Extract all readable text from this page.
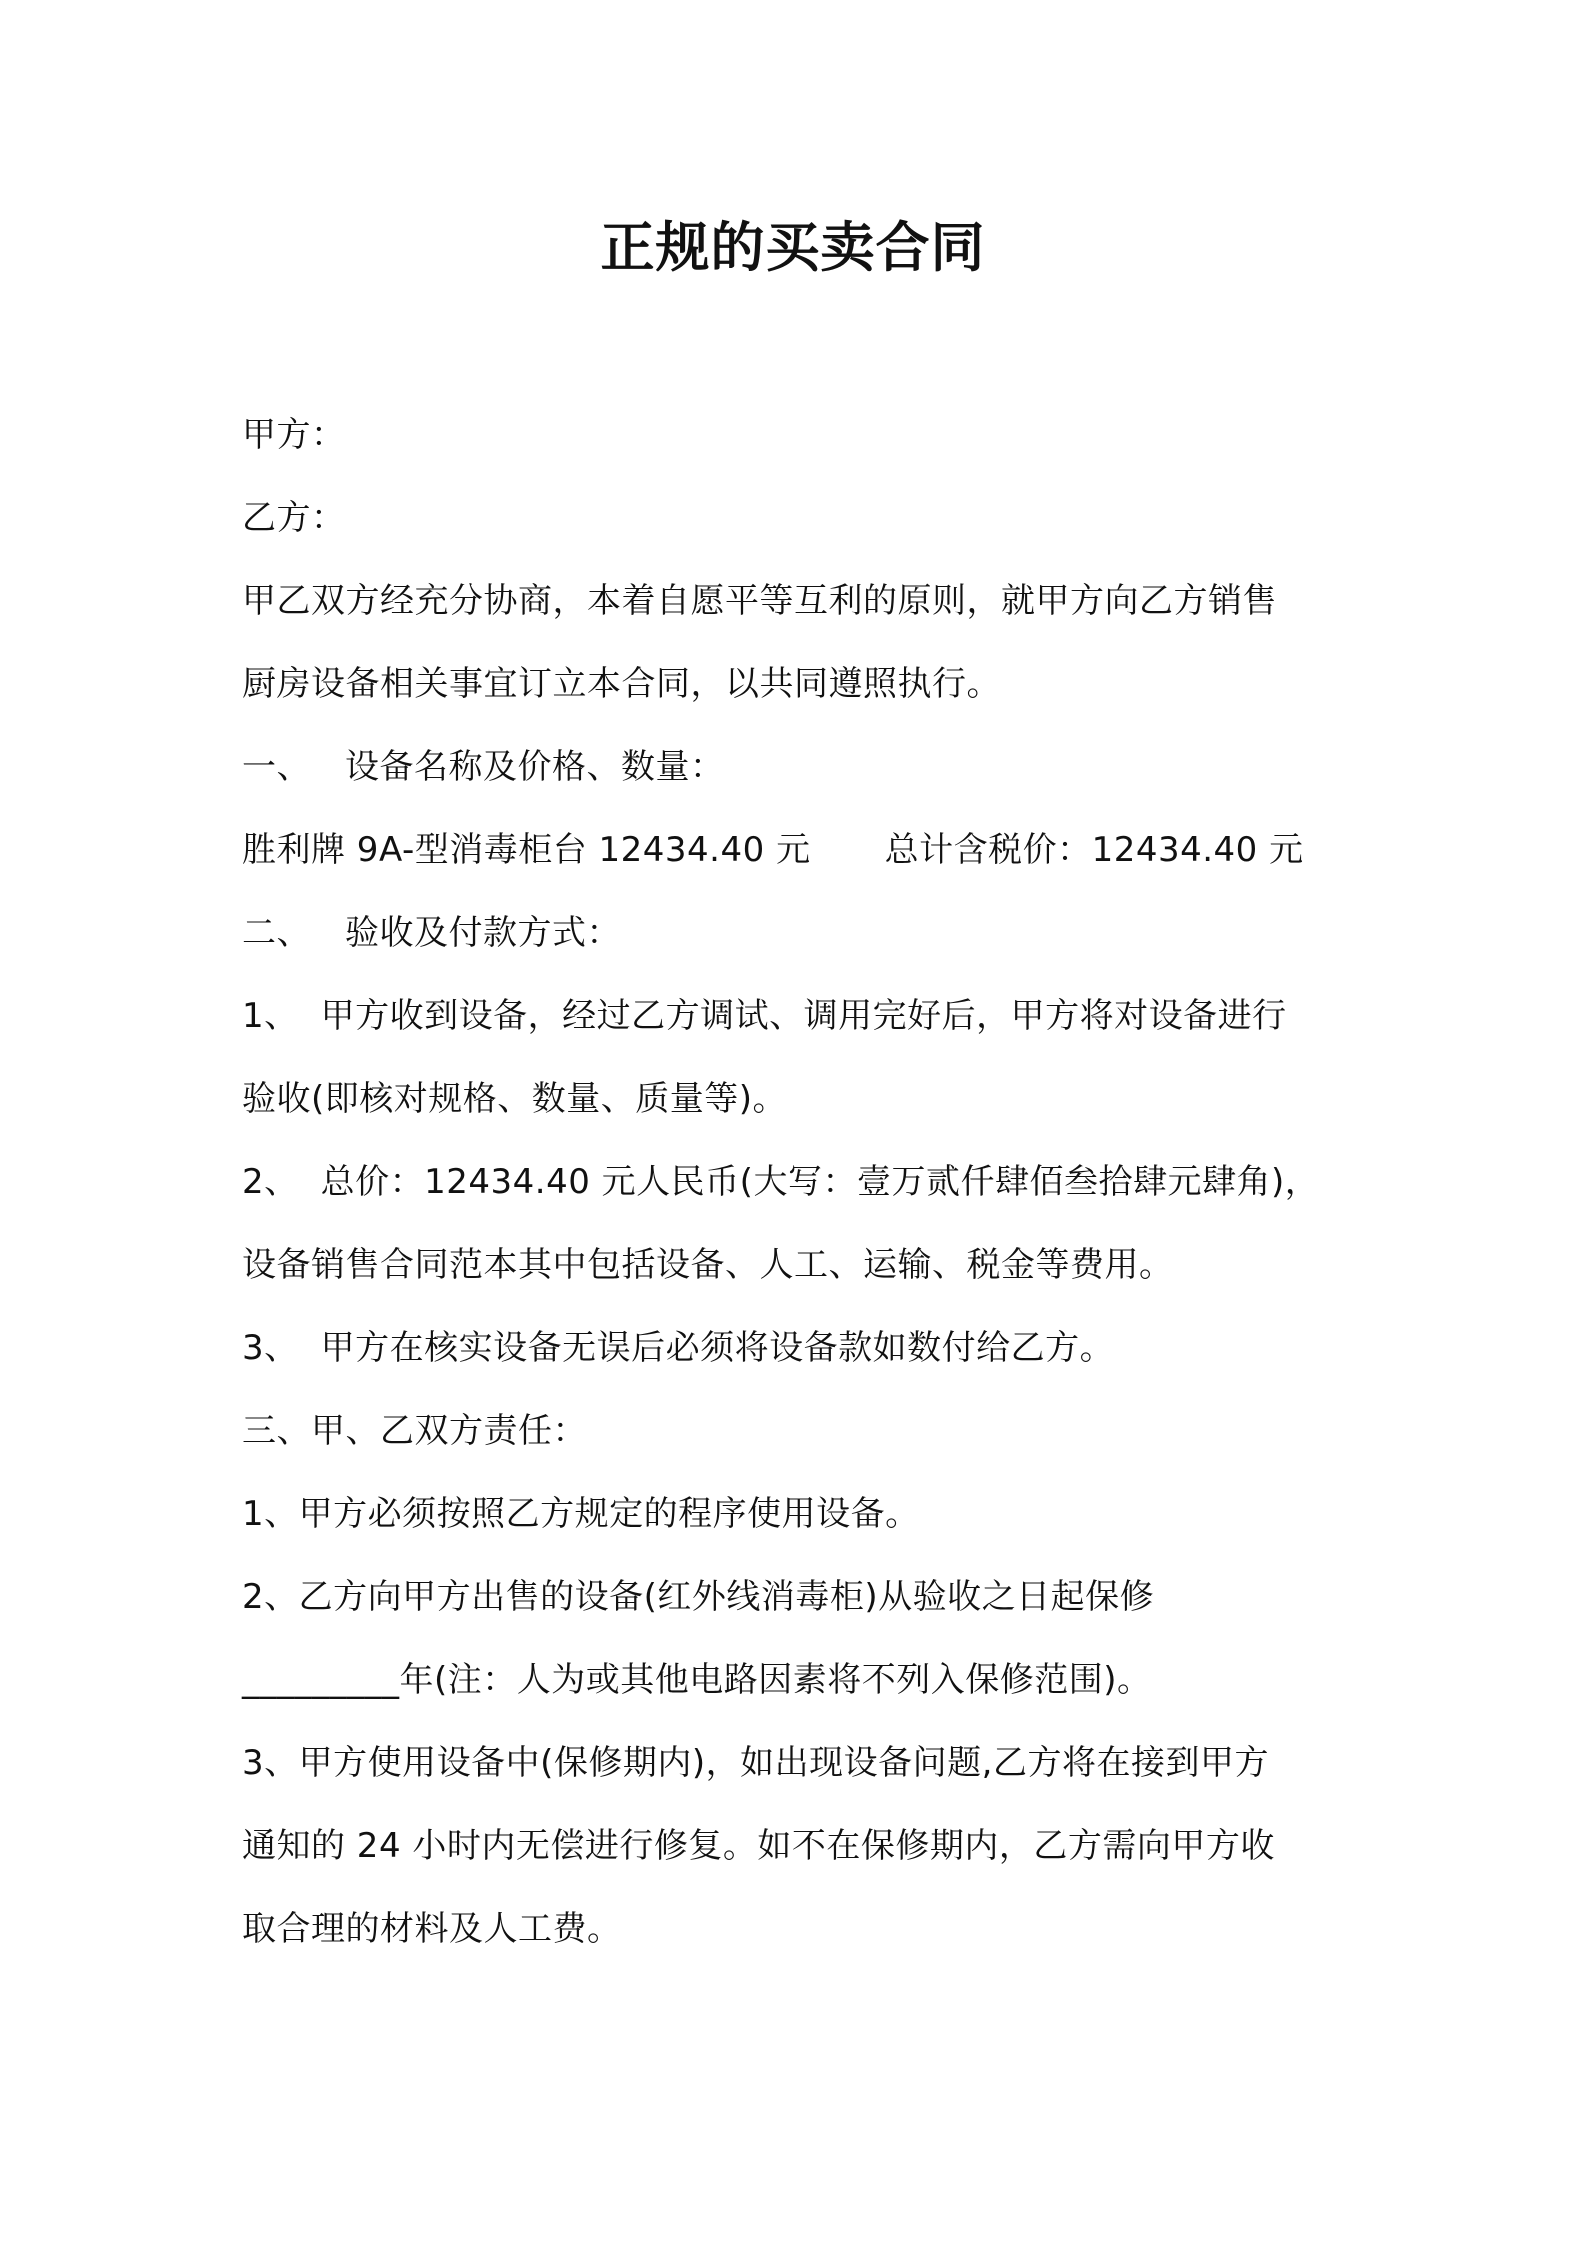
正规的买卖合同
甲方：
乙方：
甲乙双方经充分协商，本着自愿平等互利的原则，就甲方向乙方销售
厨房设备相关事宜订立本合同，以共同遵照执行。
一、 设备名称及价格、数量：
胜利牌 9A-型消毒柜台 12434.40 元 总计含税价：12434.40 元
二、 验收及付款方式：
1、 甲方收到设备，经过乙方调试、调用完好后，甲方将对设备进行
验收(即核对规格、数量、质量等)。
2、 总价：12434.40 元人民币(大写：壹万贰仟肆佰叁拾肆元肆角)，
设备销售合同范本其中包括设备、人工、运输、税金等费用。
3、 甲方在核实设备无误后必须将设备款如数付给乙方。
三、甲、乙双方责任：
1、甲方必须按照乙方规定的程序使用设备。
2、乙方向甲方出售的设备(红外线消毒柜)从验收之日起保修
_________年(注：人为或其他电路因素将不列入保修范围)。
3、甲方使用设备中(保修期内)，如出现设备问题,乙方将在接到甲方
通知的 24 小时内无偿进行修复。如不在保修期内，乙方需向甲方收
取合理的材料及人工费。
